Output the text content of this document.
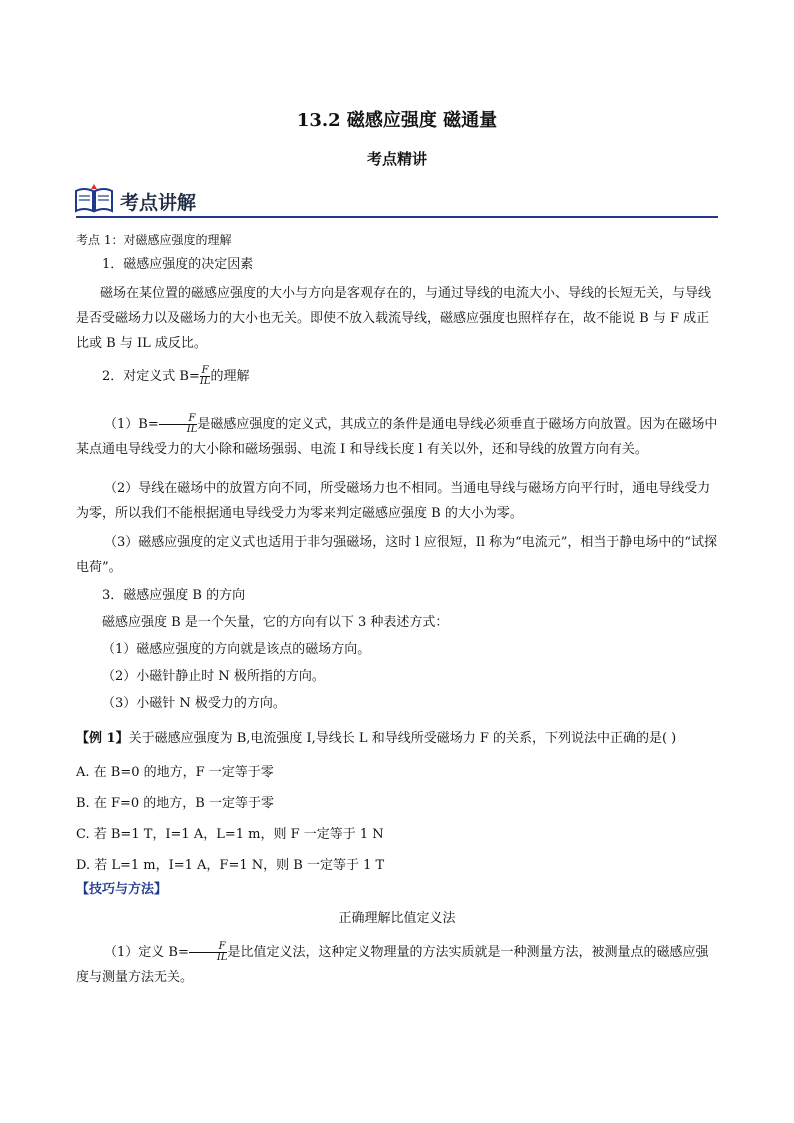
13.2 磁感应强度 磁通量
考点精讲
考点讲解
考点 1：对磁感应强度的理解
1．磁感应强度的决定因素
磁场在某位置的磁感应强度的大小与方向是客观存在的，与通过导线的电流大小、导线的长短无关，与导线是否受磁场力以及磁场力的大小也无关。即使不放入载流导线，磁感应强度也照样存在，故不能说 B 与 F 成正比或 B 与 IL 成反比。
2．对定义式 $B= \frac{F}{IL}$ 的理解
$(1)B= \frac{F}{IL}$ 是磁感应强度的定义式，其成立的条件是通电导线必须垂直于磁场方向放置。因为在磁场中某点通电导线受力的大小除和磁场强弱、电流 I 和导线长度 l 有关以外，还和导线的放置方向有关。
（2）导线在磁场中的放置方向不同，所受磁场力也不相同。当通电导线与磁场方向平行时，通电导线受力为零，所以我们不能根据通电导线受力为零来判定磁感应强度 B 的大小为零。
（3）磁感应强度的定义式也适用于非匀强磁场，这时 l 应很短，Il 称为“电流元”，相当于静电场中的“试探电荷”。
3．磁感应强度 B 的方向
磁感应强度 B 是一个矢量，它的方向有以下 3 种表述方式：
（1）磁感应强度的方向就是该点的磁场方向。
（2）小磁针静止时 N 极所指的方向。
（3）小磁针 N 极受力的方向。
【例 1】关于磁感应强度为 B,电流强度 I,导线长 L 和导线所受磁场力 F 的关系，下列说法中正确的是( )
A. 在 B=0 的地方，F 一定等于零
B. 在 F=0 的地方，B 一定等于零
C. 若 B=1 T，I=1 A，L=1 m，则 F 一定等于 1 N
D. 若 L=1 m，I=1 A，F=1 N，则 B 一定等于 1 T
【技巧与方法】
正确理解比值定义法
（1）定义 $B= \frac{F}{IL}$ 是比值定义法，这种定义物理量的方法实质就是一种测量方法，被测量点的磁感应强度与测量方法无关。
